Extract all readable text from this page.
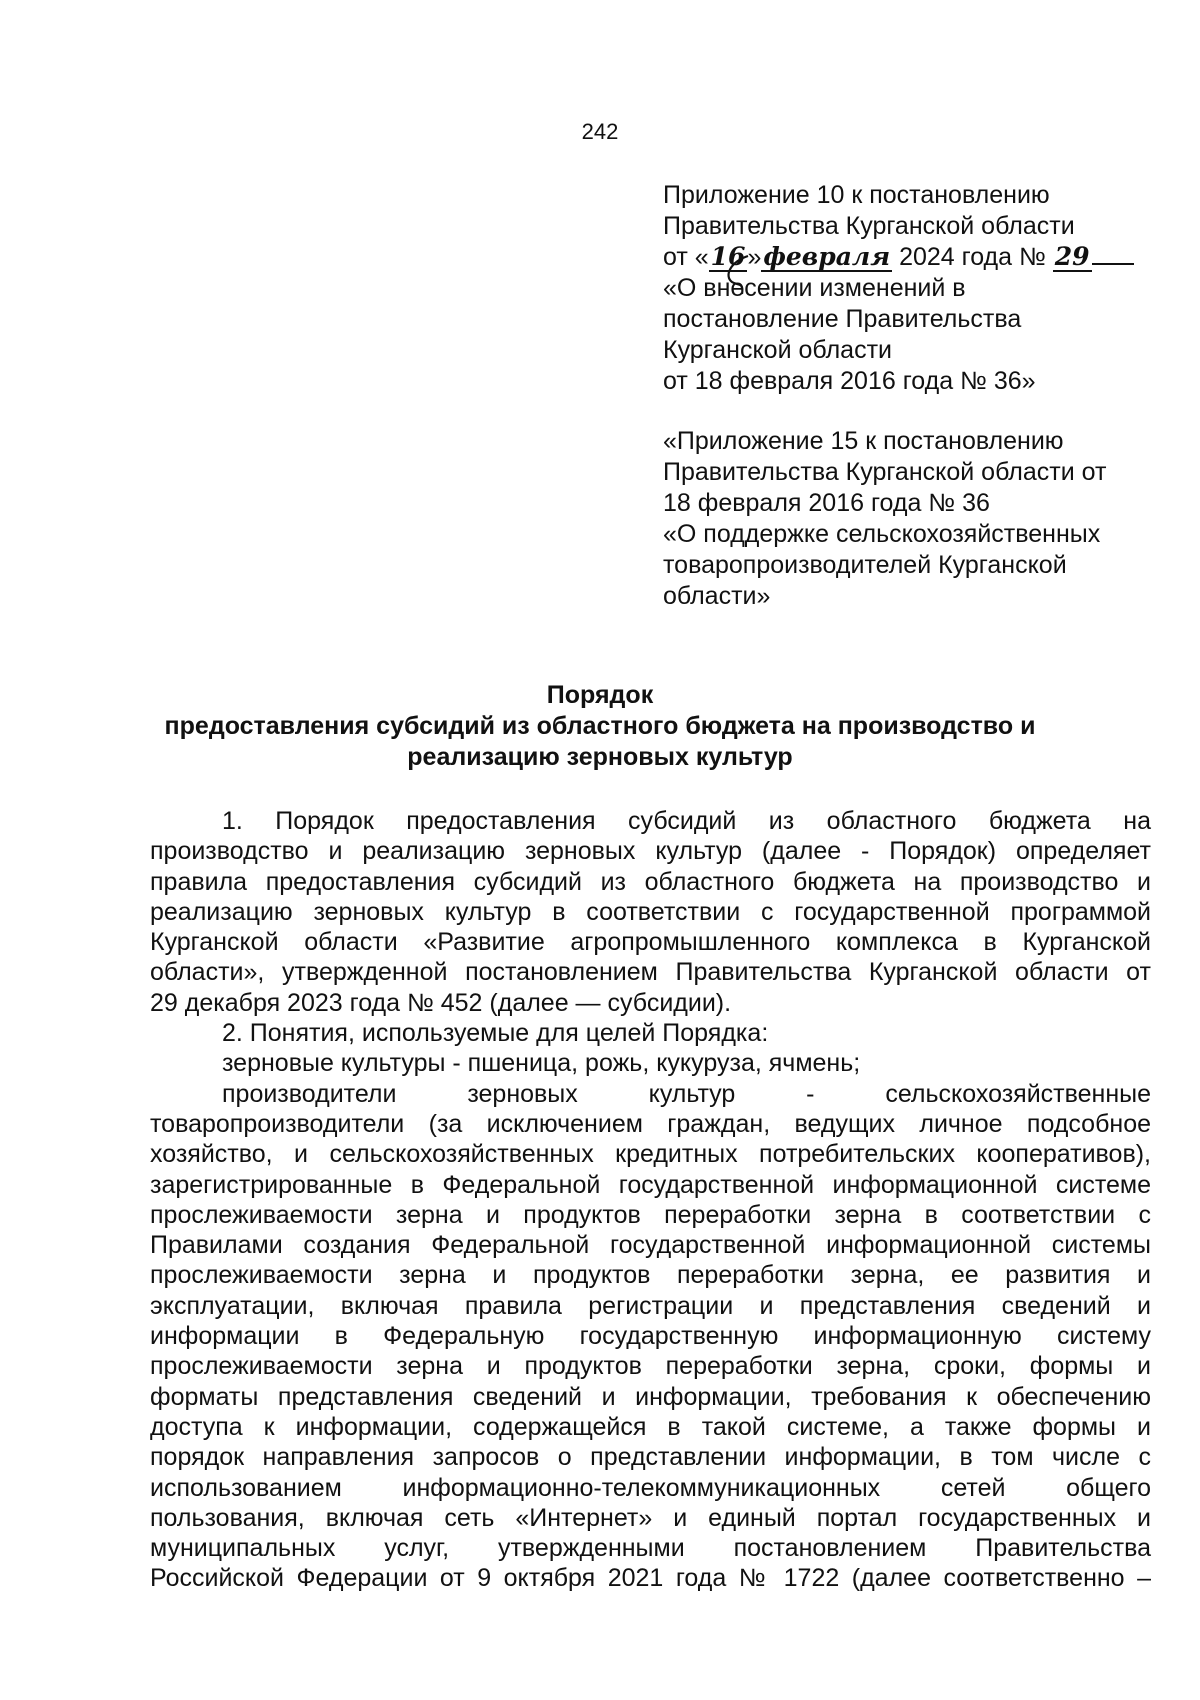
242
Приложение 10 к постановлению
Правительства Курганской области
от «16»февраля 2024 года № 29
«О внесении изменений в
постановление Правительства
Курганской области
от 18 февраля 2016 года № 36»
«Приложение 15 к постановлению
Правительства Курганской области от
18 февраля 2016 года № 36
«О поддержке сельскохозяйственных
товаропроизводителей Курганской
области»
Порядок
предоставления субсидий из областного бюджета на производство и
реализацию зерновых культур
1. Порядок предоставления субсидий из областного бюджета на
производство и реализацию зерновых культур (далее - Порядок) определяет
правила предоставления субсидий из областного бюджета на производство и
реализацию зерновых культур в соответствии с государственной программой
Курганской области «Развитие агропромышленного комплекса в Курганской
области», утвержденной постановлением Правительства Курганской области от
29 декабря 2023 года № 452 (далее — субсидии).
2. Понятия, используемые для целей Порядка:
зерновые культуры - пшеница, рожь, кукуруза, ячмень;
производители зерновых культур - сельскохозяйственные
товаропроизводители (за исключением граждан, ведущих личное подсобное
хозяйство, и сельскохозяйственных кредитных потребительских кооперативов),
зарегистрированные в Федеральной государственной информационной системе
прослеживаемости зерна и продуктов переработки зерна в соответствии с
Правилами создания Федеральной государственной информационной системы
прослеживаемости зерна и продуктов переработки зерна, ее развития и
эксплуатации, включая правила регистрации и представления сведений и
информации в Федеральную государственную информационную систему
прослеживаемости зерна и продуктов переработки зерна, сроки, формы и
форматы представления сведений и информации, требования к обеспечению
доступа к информации, содержащейся в такой системе, а также формы и
порядок направления запросов о представлении информации, в том числе с
использованием информационно-телекоммуникационных сетей общего
пользования, включая сеть «Интернет» и единый портал государственных и
муниципальных услуг, утвержденными постановлением Правительства
Российской Федерации от 9 октября 2021 года № 1722 (далее соответственно –
